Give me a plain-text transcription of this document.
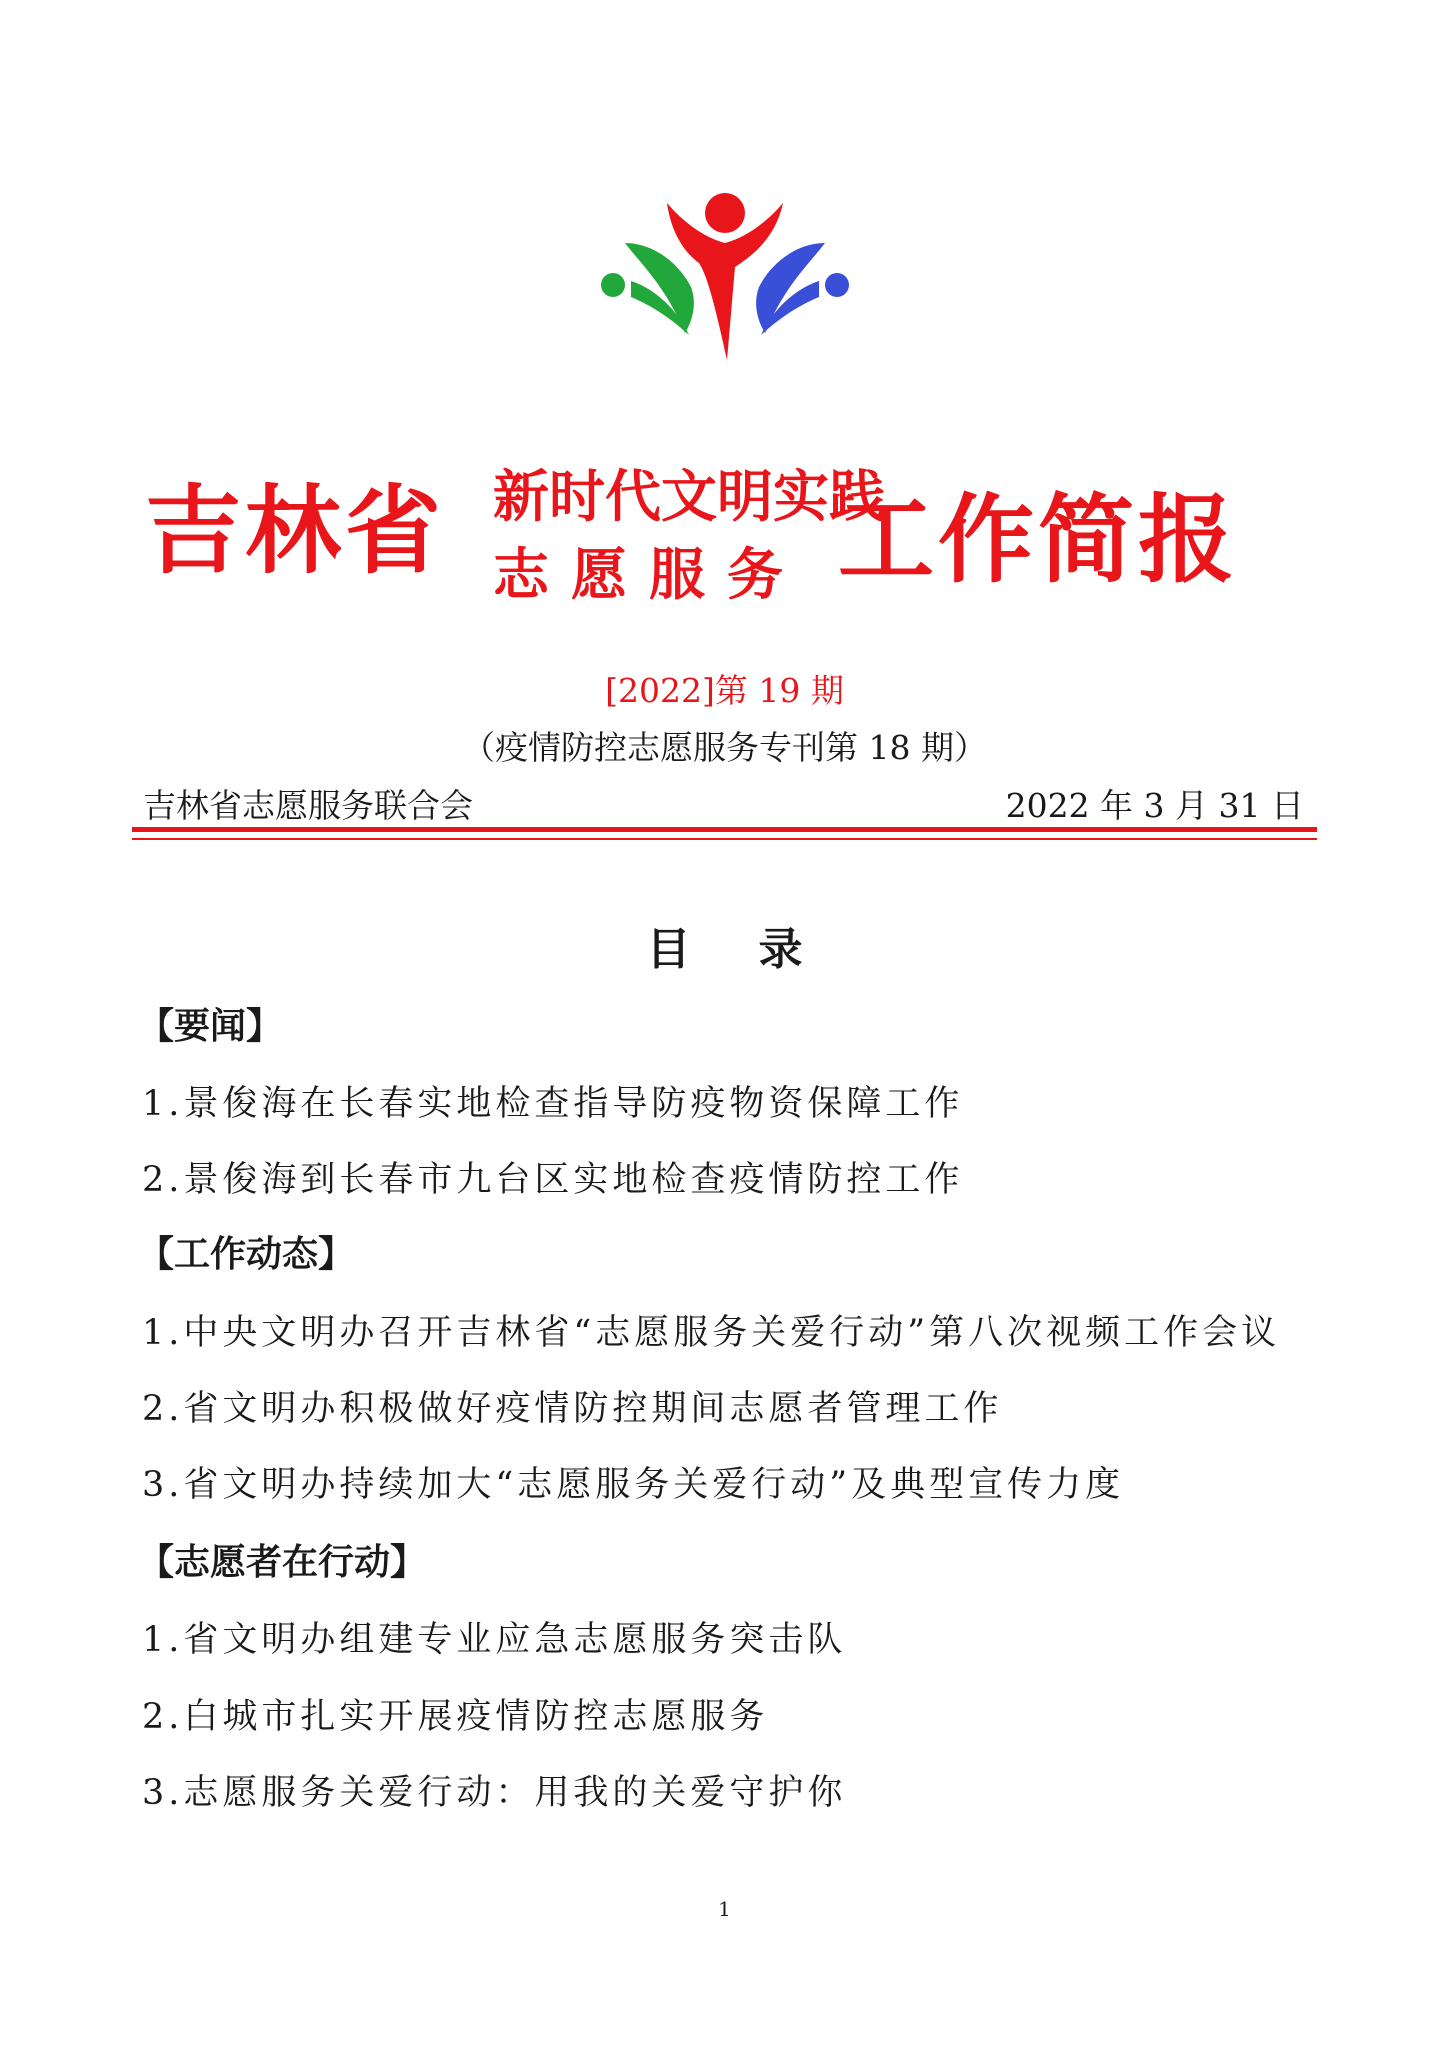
吉林省 新时代文明实践
志愿服务 工作简报
[2022]第 19 期
（疫情防控志愿服务专刊第 18 期）
吉林省志愿服务联合会	2022 年 3 月 31 日
目录
【要闻】
1.景俊海在长春实地检查指导防疫物资保障工作
2.景俊海到长春市九台区实地检查疫情防控工作
【工作动态】
1.中央文明办召开吉林省“志愿服务关爱行动”第八次视频工作会议
2.省文明办积极做好疫情防控期间志愿者管理工作
3.省文明办持续加大“志愿服务关爱行动”及典型宣传力度
【志愿者在行动】
1.省文明办组建专业应急志愿服务突击队
2.白城市扎实开展疫情防控志愿服务
3.志愿服务关爱行动：用我的关爱守护你
1
